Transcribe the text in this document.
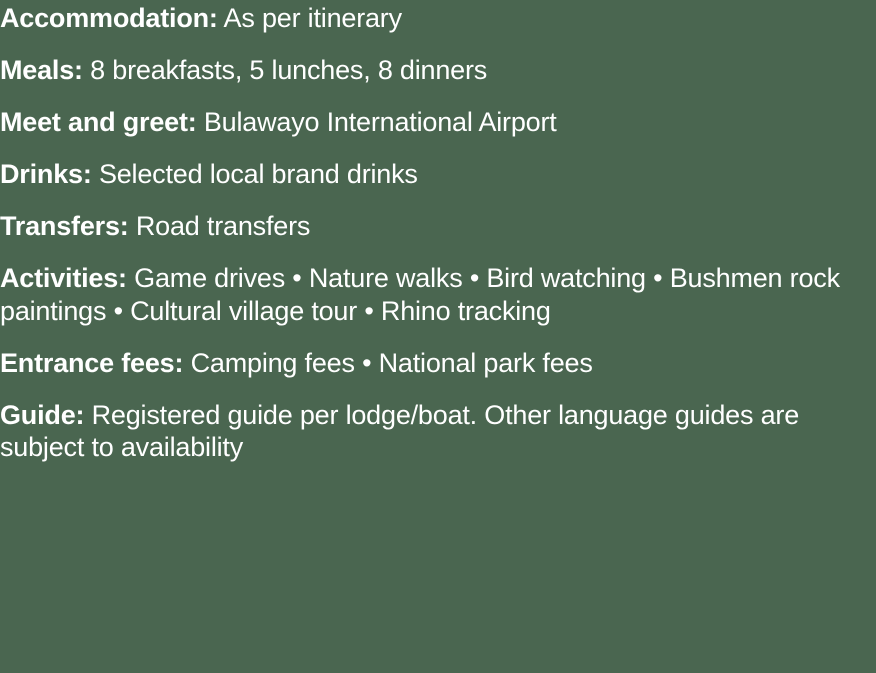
Accommodation: As per itinerary

Meals: 8 breakfasts, 5 lunches, 8 dinners

Meet and greet: Bulawayo International Airport

Drinks: Selected local brand drinks

Transfers: Road transfers

Activities: Game drives • Nature walks • Bird watching • Bushmen rock paintings • Cultural village tour • Rhino tracking

Entrance fees: Camping fees • National park fees

Guide: Registered guide per lodge/boat. Other language guides are subject to availability
